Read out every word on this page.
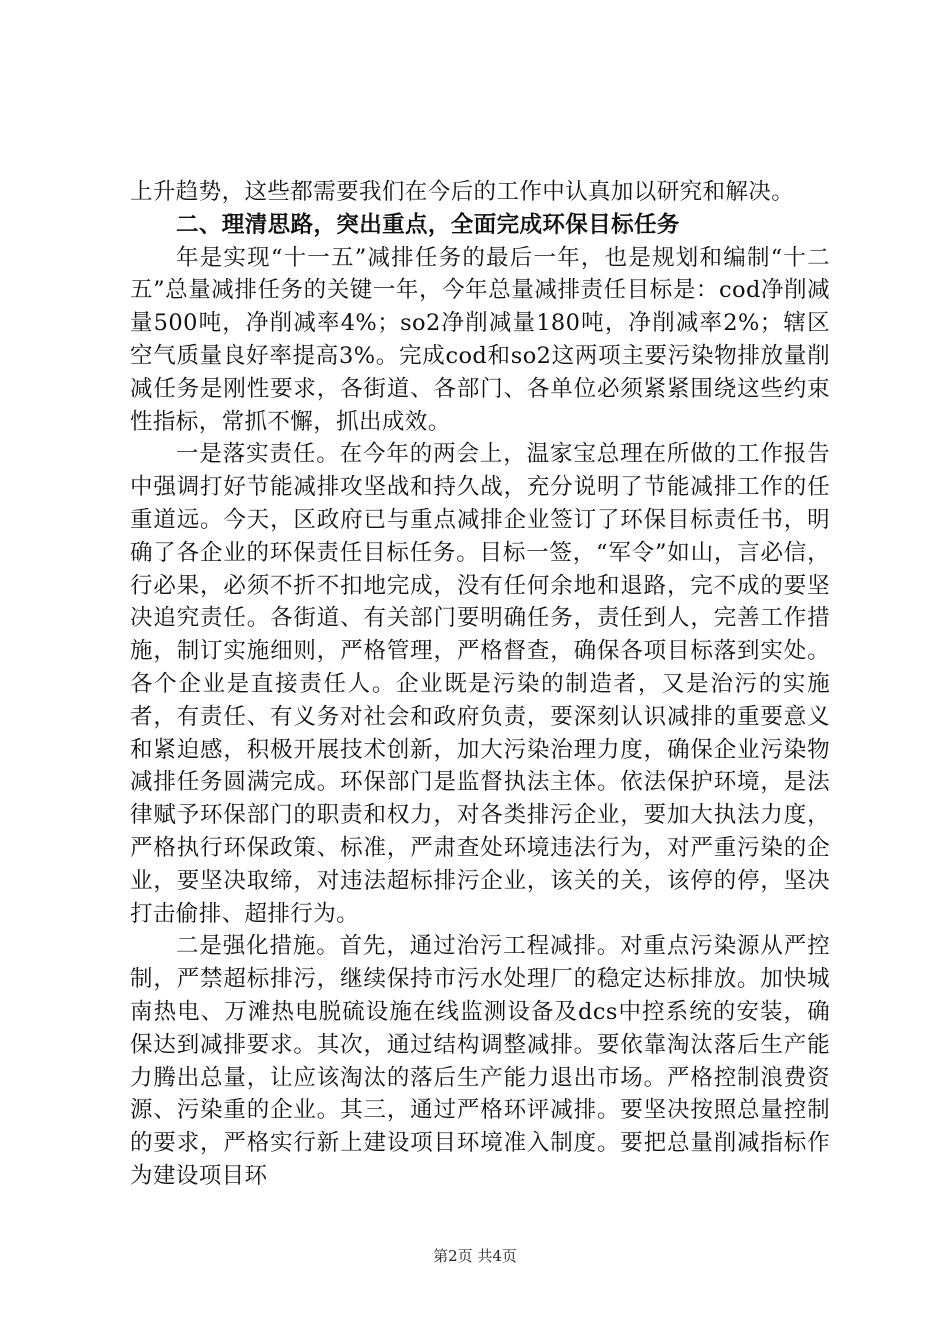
上升趋势，这些都需要我们在今后的工作中认真加以研究和解决。

二、理清思路，突出重点，全面完成环保目标任务

年是实现“十一五”减排任务的最后一年，也是规划和编制“十二五”总量减排任务的关键一年，今年总量减排责任目标是：cod净削减量500吨，净削减率4%；so2净削减量180吨，净削减率2%；辖区空气质量良好率提高3%。完成cod和so2这两项主要污染物排放量削减任务是刚性要求，各街道、各部门、各单位必须紧紧围绕这些约束性指标，常抓不懈，抓出成效。

一是落实责任。在今年的两会上，温家宝总理在所做的工作报告中强调打好节能减排攻坚战和持久战，充分说明了节能减排工作的任重道远。今天，区政府已与重点减排企业签订了环保目标责任书，明确了各企业的环保责任目标任务。目标一签，“军令”如山，言必信，行必果，必须不折不扣地完成，没有任何余地和退路，完不成的要坚决追究责任。各街道、有关部门要明确任务，责任到人，完善工作措施，制订实施细则，严格管理，严格督查，确保各项目标落到实处。各个企业是直接责任人。企业既是污染的制造者，又是治污的实施者，有责任、有义务对社会和政府负责，要深刻认识减排的重要意义和紧迫感，积极开展技术创新，加大污染治理力度，确保企业污染物减排任务圆满完成。环保部门是监督执法主体。依法保护环境，是法律赋予环保部门的职责和权力，对各类排污企业，要加大执法力度，严格执行环保政策、标准，严肃查处环境违法行为，对严重污染的企业，要坚决取缔，对违法超标排污企业，该关的关，该停的停，坚决打击偷排、超排行为。

二是强化措施。首先，通过治污工程减排。对重点污染源从严控制，严禁超标排污，继续保持市污水处理厂的稳定达标排放。加快城南热电、万滩热电脱硫设施在线监测设备及dcs中控系统的安装，确保达到减排要求。其次，通过结构调整减排。要依靠淘汰落后生产能力腾出总量，让应该淘汰的落后生产能力退出市场。严格控制浪费资源、污染重的企业。其三，通过严格环评减排。要坚决按照总量控制的要求，严格实行新上建设项目环境准入制度。要把总量削减指标作为建设项目环

第2页 共4页
